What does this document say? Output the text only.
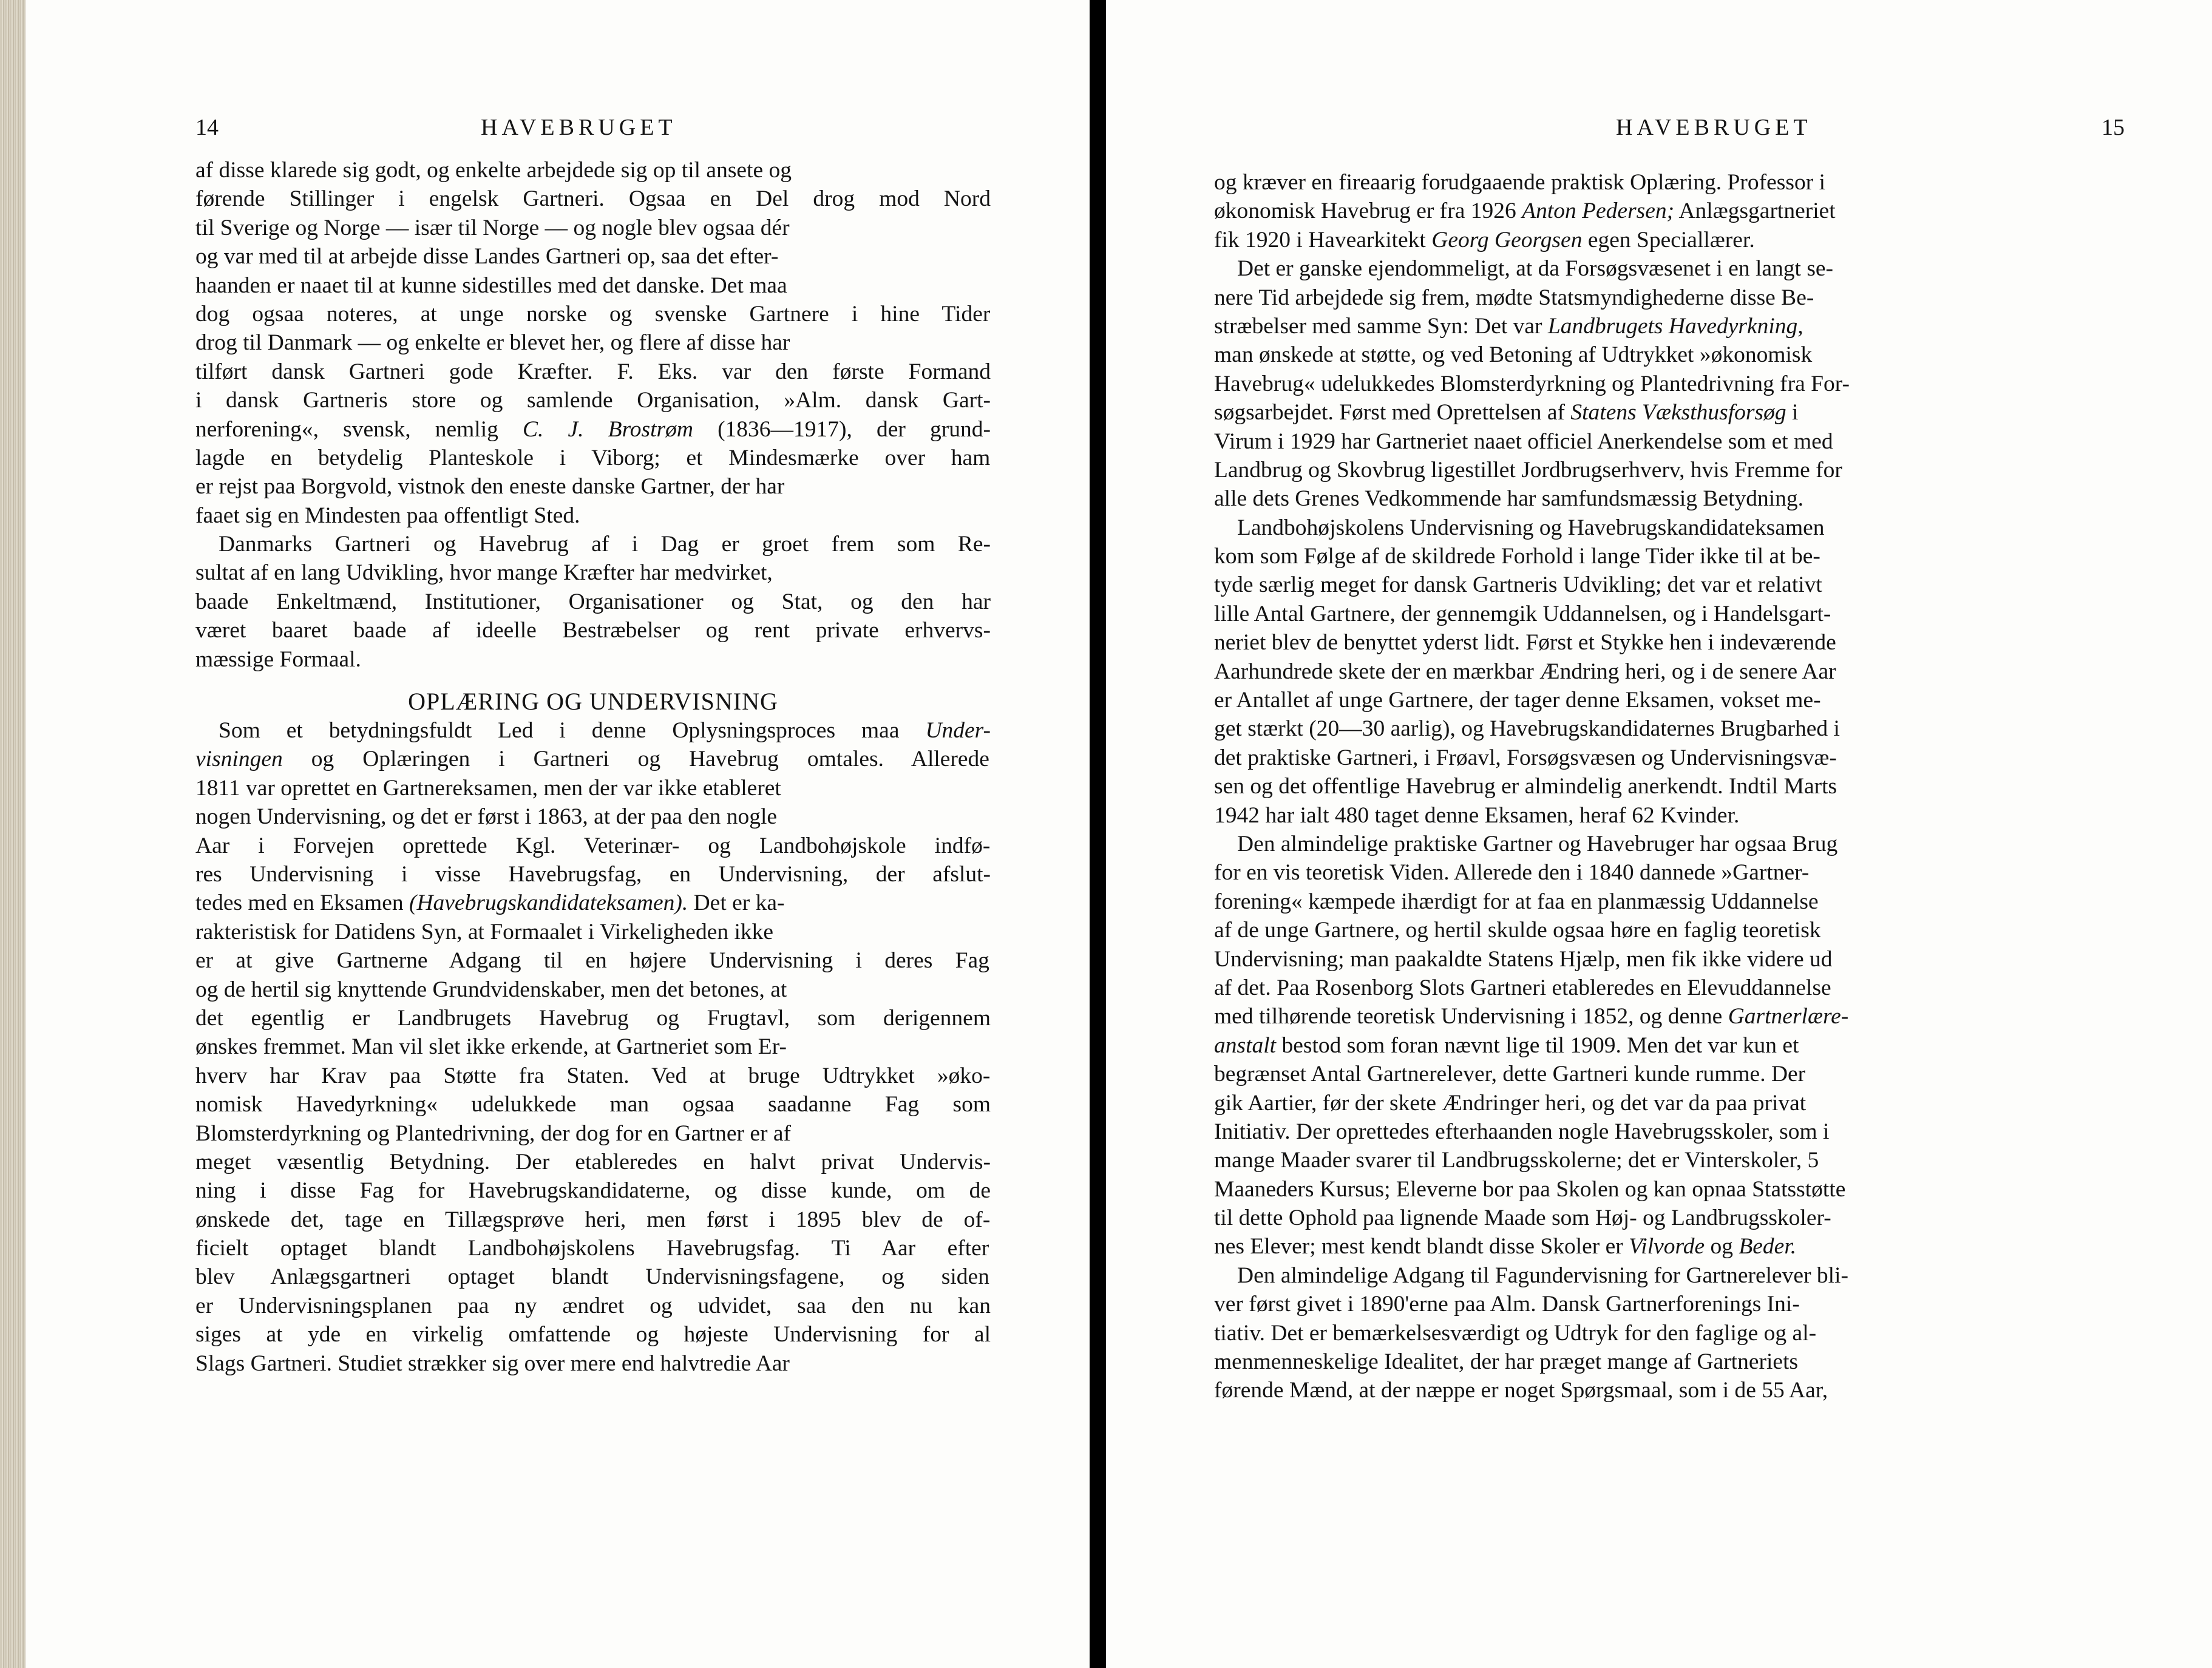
14	HAVEBRUGET
af disse klarede sig godt, og enkelte arbejdede sig op til ansete og
førende Stillinger i engelsk Gartneri. Ogsaa en Del drog mod Nord
til Sverige og Norge — især til Norge — og nogle blev ogsaa dér
og var med til at arbejde disse Landes Gartneri op, saa det efter-
haanden er naaet til at kunne sidestilles med det danske. Det maa
dog ogsaa noteres, at unge norske og svenske Gartnere i hine Tider
drog til Danmark — og enkelte er blevet her, og flere af disse har
tilført dansk Gartneri gode Kræfter. F. Eks. var den første Formand
i dansk Gartneris store og samlende Organisation, »Alm. dansk Gart-
nerforening«, svensk, nemlig C. J. Brostrøm (1836—1917), der grund-
lagde en betydelig Planteskole i Viborg; et Mindesmærke over ham
er rejst paa Borgvold, vistnok den eneste danske Gartner, der har
faaet sig en Mindesten paa offentligt Sted.
Danmarks Gartneri og Havebrug af i Dag er groet frem som Re-
sultat af en lang Udvikling, hvor mange Kræfter har medvirket,
baade Enkeltmænd, Institutioner, Organisationer og Stat, og den har
været baaret baade af ideelle Bestræbelser og rent private erhvervs-
mæssige Formaal.
OPLÆRING OG UNDERVISNING
Som et betydningsfuldt Led i denne Oplysningsproces maa Under-
visningen og Oplæringen i Gartneri og Havebrug omtales. Allerede
1811 var oprettet en Gartnereksamen, men der var ikke etableret
nogen Undervisning, og det er først i 1863, at der paa den nogle
Aar i Forvejen oprettede Kgl. Veterinær- og Landbohøjskole indfø-
res Undervisning i visse Havebrugsfag, en Undervisning, der afslut-
tedes med en Eksamen (Havebrugskandidateksamen). Det er ka-
rakteristisk for Datidens Syn, at Formaalet i Virkeligheden ikke
er at give Gartnerne Adgang til en højere Undervisning i deres Fag
og de hertil sig knyttende Grundvidenskaber, men det betones, at
det egentlig er Landbrugets Havebrug og Frugtavl, som derigennem
ønskes fremmet. Man vil slet ikke erkende, at Gartneriet som Er-
hverv har Krav paa Støtte fra Staten. Ved at bruge Udtrykket »øko-
nomisk Havedyrkning« udelukkede man ogsaa saadanne Fag som
Blomsterdyrkning og Plantedrivning, der dog for en Gartner er af
meget væsentlig Betydning. Der etableredes en halvt privat Undervis-
ning i disse Fag for Havebrugskandidaterne, og disse kunde, om de
ønskede det, tage en Tillægsprøve heri, men først i 1895 blev de of-
ficielt optaget blandt Landbohøjskolens Havebrugsfag. Ti Aar efter
blev Anlægsgartneri optaget blandt Undervisningsfagene, og siden
er Undervisningsplanen paa ny ændret og udvidet, saa den nu kan
siges at yde en virkelig omfattende og højeste Undervisning for al
Slags Gartneri. Studiet strækker sig over mere end halvtredie Aar
HAVEBRUGET	15
og kræver en fireaarig forudgaaende praktisk Oplæring. Professor i
økonomisk Havebrug er fra 1926 Anton Pedersen; Anlægsgartneriet
fik 1920 i Havearkitekt Georg Georgsen egen Speciallærer.
Det er ganske ejendommeligt, at da Forsøgsvæsenet i en langt se-
nere Tid arbejdede sig frem, mødte Statsmyndighederne disse Be-
stræbelser med samme Syn: Det var Landbrugets Havedyrkning,
man ønskede at støtte, og ved Betoning af Udtrykket »økonomisk
Havebrug« udelukkedes Blomsterdyrkning og Plantedrivning fra For-
søgsarbejdet. Først med Oprettelsen af Statens Væksthusforsøg i
Virum i 1929 har Gartneriet naaet officiel Anerkendelse som et med
Landbrug og Skovbrug ligestillet Jordbrugserhverv, hvis Fremme for
alle dets Grenes Vedkommende har samfundsmæssig Betydning.
Landbohøjskolens Undervisning og Havebrugskandidateksamen
kom som Følge af de skildrede Forhold i lange Tider ikke til at be-
tyde særlig meget for dansk Gartneris Udvikling; det var et relativt
lille Antal Gartnere, der gennemgik Uddannelsen, og i Handelsgart-
neriet blev de benyttet yderst lidt. Først et Stykke hen i indeværende
Aarhundrede skete der en mærkbar Ændring heri, og i de senere Aar
er Antallet af unge Gartnere, der tager denne Eksamen, vokset me-
get stærkt (20—30 aarlig), og Havebrugskandidaternes Brugbarhed i
det praktiske Gartneri, i Frøavl, Forsøgsvæsen og Undervisningsvæ-
sen og det offentlige Havebrug er almindelig anerkendt. Indtil Marts
1942 har ialt 480 taget denne Eksamen, heraf 62 Kvinder.
Den almindelige praktiske Gartner og Havebruger har ogsaa Brug
for en vis teoretisk Viden. Allerede den i 1840 dannede »Gartner-
forening« kæmpede ihærdigt for at faa en planmæssig Uddannelse
af de unge Gartnere, og hertil skulde ogsaa høre en faglig teoretisk
Undervisning; man paakaldte Statens Hjælp, men fik ikke videre ud
af det. Paa Rosenborg Slots Gartneri etableredes en Elevuddannelse
med tilhørende teoretisk Undervisning i 1852, og denne Gartnerlære-
anstalt bestod som foran nævnt lige til 1909. Men det var kun et
begrænset Antal Gartnerelever, dette Gartneri kunde rumme. Der
gik Aartier, før der skete Ændringer heri, og det var da paa privat
Initiativ. Der oprettedes efterhaanden nogle Havebrugsskoler, som i
mange Maader svarer til Landbrugsskolerne; det er Vinterskoler, 5
Maaneders Kursus; Eleverne bor paa Skolen og kan opnaa Statsstøtte
til dette Ophold paa lignende Maade som Høj- og Landbrugsskoler-
nes Elever; mest kendt blandt disse Skoler er Vilvorde og Beder.
Den almindelige Adgang til Fagundervisning for Gartnerelever bli-
ver først givet i 1890'erne paa Alm. Dansk Gartnerforenings Ini-
tiativ. Det er bemærkelsesværdigt og Udtryk for den faglige og al-
menmenneskelige Idealitet, der har præget mange af Gartneriets
førende Mænd, at der næppe er noget Spørgsmaal, som i de 55 Aar,
